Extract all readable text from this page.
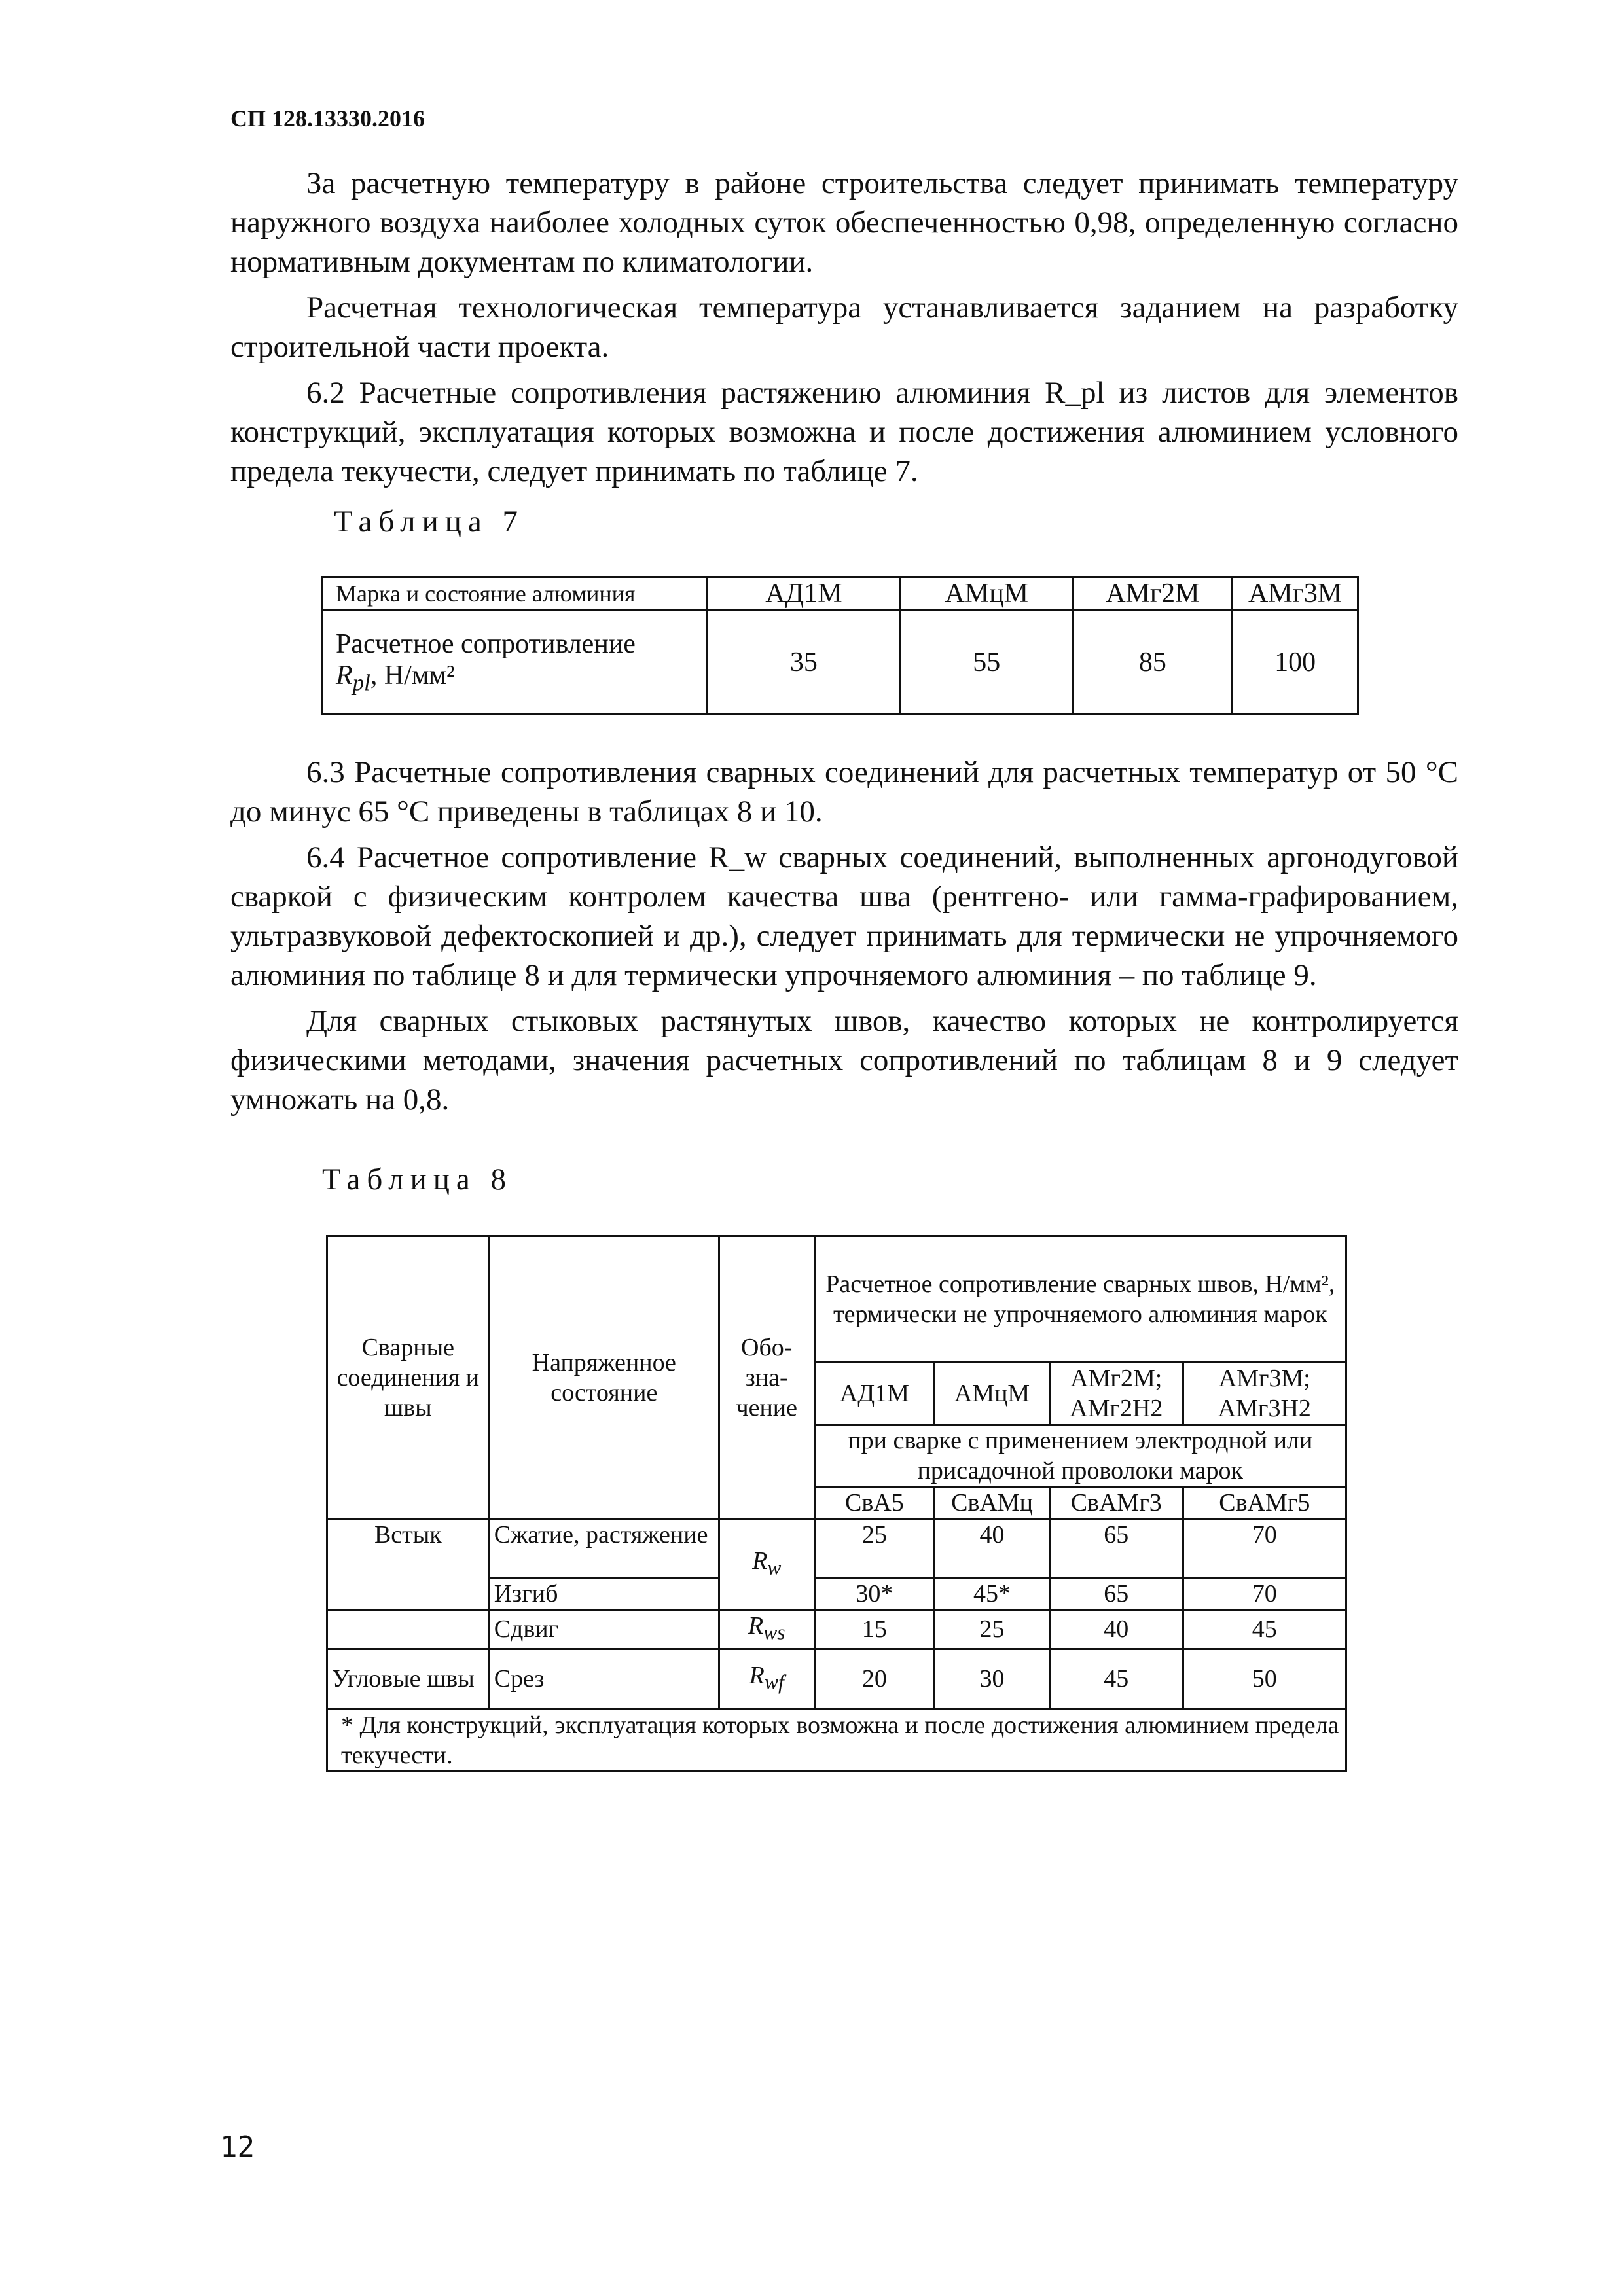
СП 128.13330.2016

За расчетную температуру в районе строительства следует принимать температуру наружного воздуха наиболее холодных суток обеспеченностью 0,98, определенную согласно нормативным документам по климатологии.

Расчетная технологическая температура устанавливается заданием на разработку строительной части проекта.

6.2 Расчетные сопротивления растяжению алюминия R_pl из листов для элементов конструкций, эксплуатация которых возможна и после достижения алюминием условного предела текучести, следует принимать по таблице 7.

Таблица 7
Марка и состояние алюминия	АД1М	АМцМ	АМг2М	АМг3М
Расчетное сопротивление
$R_{pl}$, Н/мм²	35	55	85	100

6.3 Расчетные сопротивления сварных соединений для расчетных температур от 50 °С до минус 65 °С приведены в таблицах 8 и 10.

6.4 Расчетное сопротивление R_w сварных соединений, выполненных аргонодуговой сваркой с физическим контролем качества шва (рентгено- или гамма-графированием, ультразвуковой дефектоскопией и др.), следует принимать для термически не упрочняемого алюминия по таблице 8 и для термически упрочняемого алюминия – по таблице 9.

Для сварных стыковых растянутых швов, качество которых не контролируется физическими методами, значения расчетных сопротивлений по таблицам 8 и 9 следует умножать на 0,8.

Таблица 8
Сварные соединения и швы	Напряженное состояние	Обо-зна-чение	Расчетное сопротивление сварных швов, Н/мм², термически не упрочняемого алюминия марок			
			АД1М	АМцМ	АМг2М; АМг2Н2	АМг3М; АМг3Н2
			при сварке с применением электродной или присадочной проволоки марок			
			СвА5	СвАМц	СвАМг3	СвАМг5
Встык	Сжатие, растяжение	$R_w$	25	40	65	70
	Изгиб		30*	45*	65	70
	Сдвиг	$R_{ws}$	15	25	40	45
Угловые швы	Срез	$R_{wf}$	20	30	45	50
* Для конструкций, эксплуатация которых возможна и после достижения алюминием предела текучести.						
12
